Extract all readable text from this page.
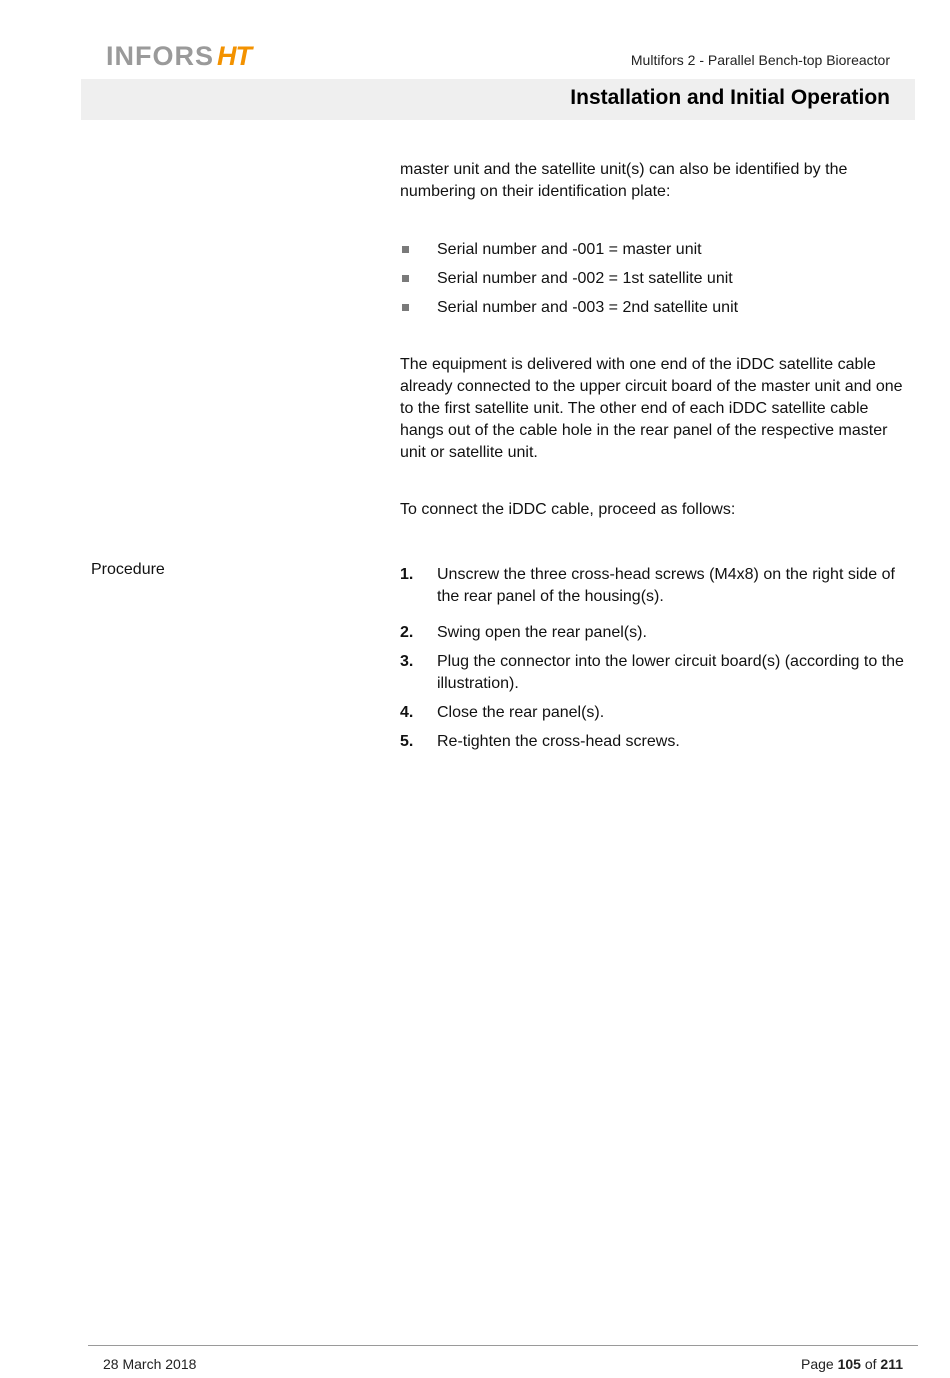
INFORS HT	Multifors 2 - Parallel Bench-top Bioreactor
Installation and Initial Operation
Procedure

master unit and the satellite unit(s) can also be identified by the numbering on their identification plate:

Serial number and -001 = master unit
Serial number and -002 = 1st satellite unit
Serial number and -003 = 2nd satellite unit

The equipment is delivered with one end of the iDDC satellite cable already connected to the upper circuit board of the master unit and one to the first satellite unit. The other end of each iDDC satellite cable hangs out of the cable hole in the rear panel of the respective master unit or satellite unit.

To connect the iDDC cable, proceed as follows:

1. Unscrew the three cross-head screws (M4x8) on the right side of the rear panel of the housing(s).
2. Swing open the rear panel(s).
3. Plug the connector into the lower circuit board(s) (according to the illustration).
4. Close the rear panel(s).
5. Re-tighten the cross-head screws.
28 March 2018	Page 105 of 211
